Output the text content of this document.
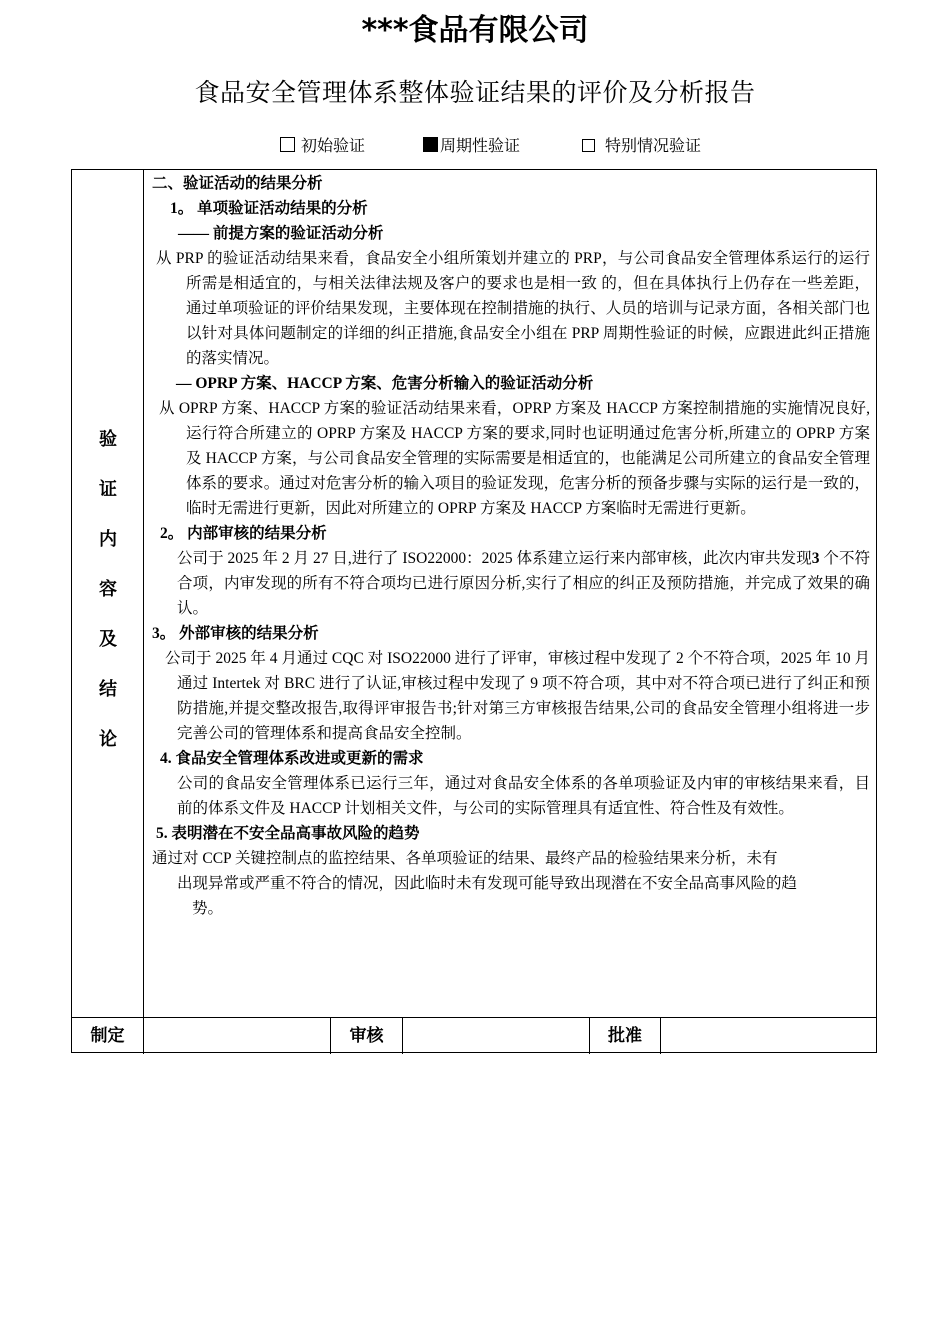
***食品有限公司
食品安全管理体系整体验证结果的评价及分析报告
初始验证	周期性验证	特别情况验证
验
证
内
容
及
结
论

二、验证活动的结果分析

1。 单项验证活动结果的分析

—— 前提方案的验证活动分析

从 PRP 的验证活动结果来看，食品安全小组所策划并建立的 PRP，与公司食品安全管理体系运行的运行所需是相适宜的，与相关法律法规及客户的要求也是相一致 的，但在具体执行上仍存在一些差距，通过单项验证的评价结果发现，主要体现在控制措施的执行、人员的培训与记录方面，各相关部门也以针对具体问题制定的详细的纠正措施,食品安全小组在 PRP 周期性验证的时候，应跟进此纠正措施的落实情况。

— OPRP 方案、HACCP 方案、危害分析输入的验证活动分析

从 OPRP 方案、HACCP 方案的验证活动结果来看，OPRP 方案及 HACCP 方案控制措施的实施情况良好,运行符合所建立的 OPRP 方案及 HACCP 方案的要求,同时也证明通过危害分析,所建立的 OPRP 方案及 HACCP 方案，与公司食品安全管理的实际需要是相适宜的，也能满足公司所建立的食品安全管理体系的要求。通过对危害分析的输入项目的验证发现，危害分析的预备步骤与实际的运行是一致的，临时无需进行更新，因此对所建立的 OPRP 方案及 HACCP 方案临时无需进行更新。

2。 内部审核的结果分析

公司于 2025 年 2 月 27 日,进行了 ISO22000：2025 体系建立运行来内部审核，此次内审共发现3 个不符合项，内审发现的所有不符合项均已进行原因分析,实行了相应的纠正及预防措施，并完成了效果的确认。

3。 外部审核的结果分析

公司于 2025 年 4 月通过 CQC 对 ISO22000 进行了评审，审核过程中发现了 2 个不符合项，2025 年 10 月通过 Intertek 对 BRC 进行了认证,审核过程中发现了 9 项不符合项，其中对不符合项已进行了纠正和预防措施,并提交整改报告,取得评审报告书;针对第三方审核报告结果,公司的食品安全管理小组将进一步完善公司的管理体系和提高食品安全控制。

4. 食品安全管理体系改进或更新的需求

公司的食品安全管理体系已运行三年，通过对食品安全体系的各单项验证及内审的审核结果来看，目前的体系文件及 HACCP 计划相关文件，与公司的实际管理具有适宜性、符合性及有效性。

5. 表明潜在不安全品高事故风险的趋势

通过对 CCP 关键控制点的监控结果、各单项验证的结果、最终产品的检验结果来分析，未有

出现异常或严重不符合的情况，因此临时未有发现可能导致出现潜在不安全品高事风险的趋

势。

制定	审核	批准
